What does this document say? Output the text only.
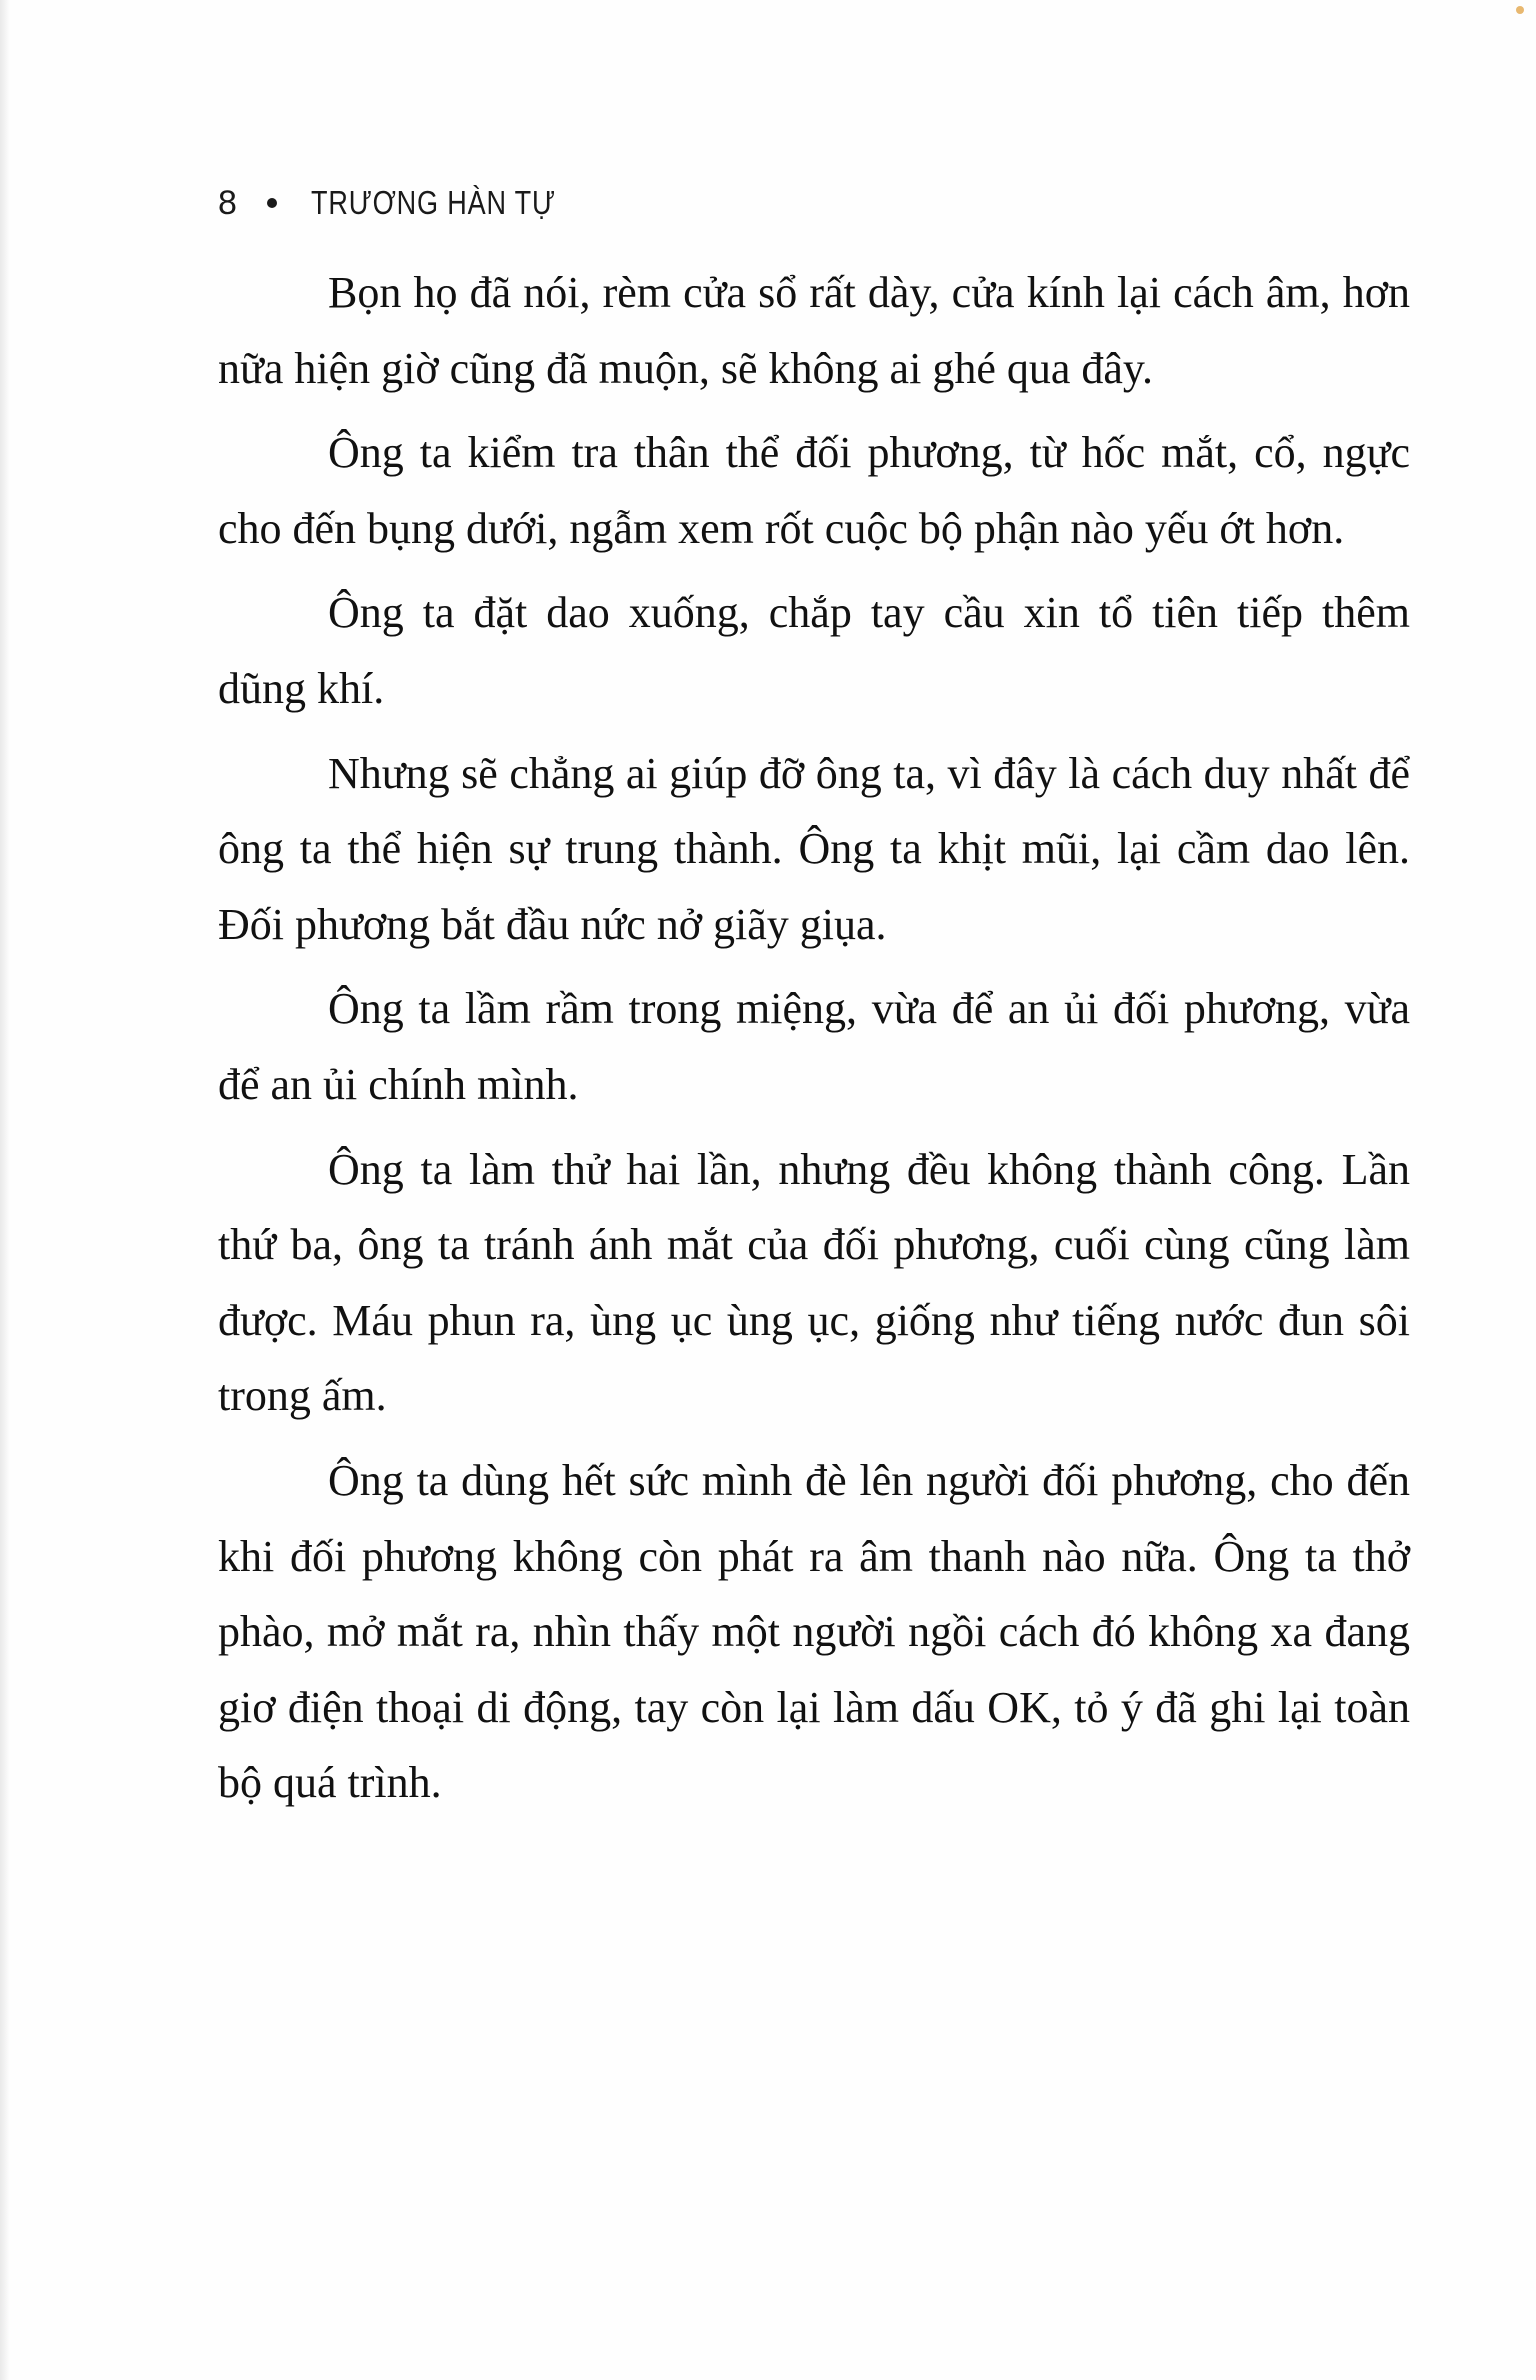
8 TRƯƠNG HÀN TỰ

Bọn họ đã nói, rèm cửa sổ rất dày, cửa kính lại cách âm, hơn nữa hiện giờ cũng đã muộn, sẽ không ai ghé qua đây.

Ông ta kiểm tra thân thể đối phương, từ hốc mắt, cổ, ngực cho đến bụng dưới, ngẫm xem rốt cuộc bộ phận nào yếu ớt hơn.

Ông ta đặt dao xuống, chắp tay cầu xin tổ tiên tiếp thêm dũng khí.

Nhưng sẽ chẳng ai giúp đỡ ông ta, vì đây là cách duy nhất để ông ta thể hiện sự trung thành. Ông ta khịt mũi, lại cầm dao lên. Đối phương bắt đầu nức nở giãy giụa.

Ông ta lầm rầm trong miệng, vừa để an ủi đối phương, vừa để an ủi chính mình.

Ông ta làm thử hai lần, nhưng đều không thành công. Lần thứ ba, ông ta tránh ánh mắt của đối phương, cuối cùng cũng làm được. Máu phun ra, ùng ục ùng ục, giống như tiếng nước đun sôi trong ấm.

Ông ta dùng hết sức mình đè lên người đối phương, cho đến khi đối phương không còn phát ra âm thanh nào nữa. Ông ta thở phào, mở mắt ra, nhìn thấy một người ngồi cách đó không xa đang giơ điện thoại di động, tay còn lại làm dấu OK, tỏ ý đã ghi lại toàn bộ quá trình.
